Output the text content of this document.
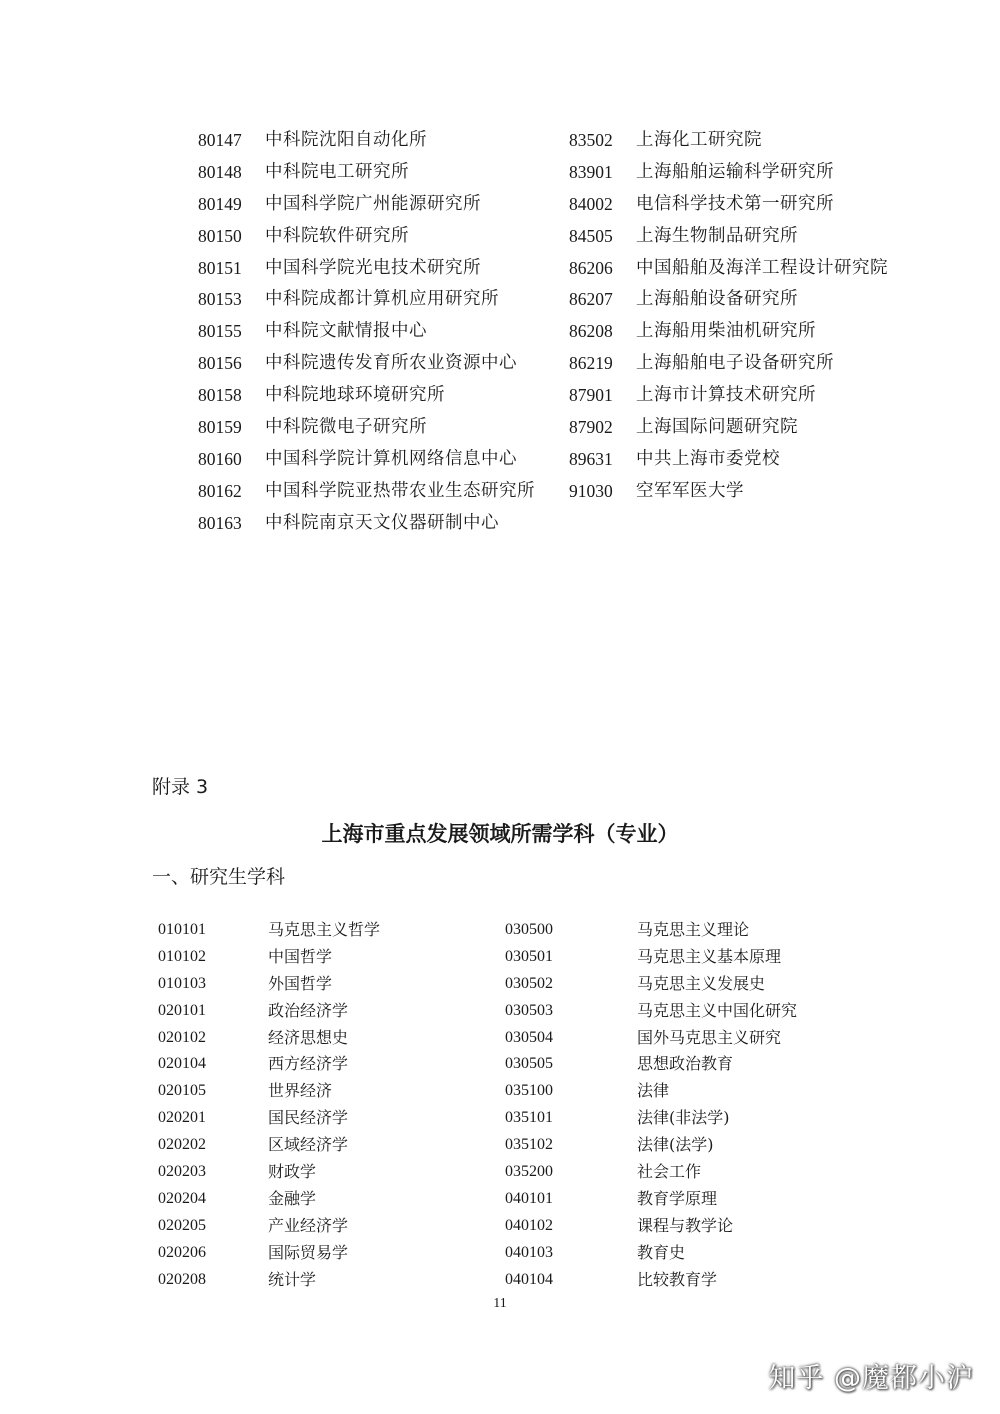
80147	中科院沈阳自动化所
80148	中科院电工研究所
80149	中国科学院广州能源研究所
80150	中科院软件研究所
80151	中国科学院光电技术研究所
80153	中科院成都计算机应用研究所
80155	中科院文献情报中心
80156	中科院遗传发育所农业资源中心
80158	中科院地球环境研究所
80159	中科院微电子研究所
80160	中国科学院计算机网络信息中心
80162	中国科学院亚热带农业生态研究所
80163	中科院南京天文仪器研制中心
83502	上海化工研究院
83901	上海船舶运输科学研究所
84002	电信科学技术第一研究所
84505	上海生物制品研究所
86206	中国船舶及海洋工程设计研究院
86207	上海船舶设备研究所
86208	上海船用柴油机研究所
86219	上海船舶电子设备研究所
87901	上海市计算技术研究所
87902	上海国际问题研究院
89631	中共上海市委党校
91030	空军军医大学
附录 3
上海市重点发展领域所需学科（专业）
一、研究生学科
010101	马克思主义哲学
010102	中国哲学
010103	外国哲学
020101	政治经济学
020102	经济思想史
020104	西方经济学
020105	世界经济
020201	国民经济学
020202	区域经济学
020203	财政学
020204	金融学
020205	产业经济学
020206	国际贸易学
020208	统计学
030500	马克思主义理论
030501	马克思主义基本原理
030502	马克思主义发展史
030503	马克思主义中国化研究
030504	国外马克思主义研究
030505	思想政治教育
035100	法律
035101	法律(非法学)
035102	法律(法学)
035200	社会工作
040101	教育学原理
040102	课程与教学论
040103	教育史
040104	比较教育学
11
知乎 @魔都小沪
